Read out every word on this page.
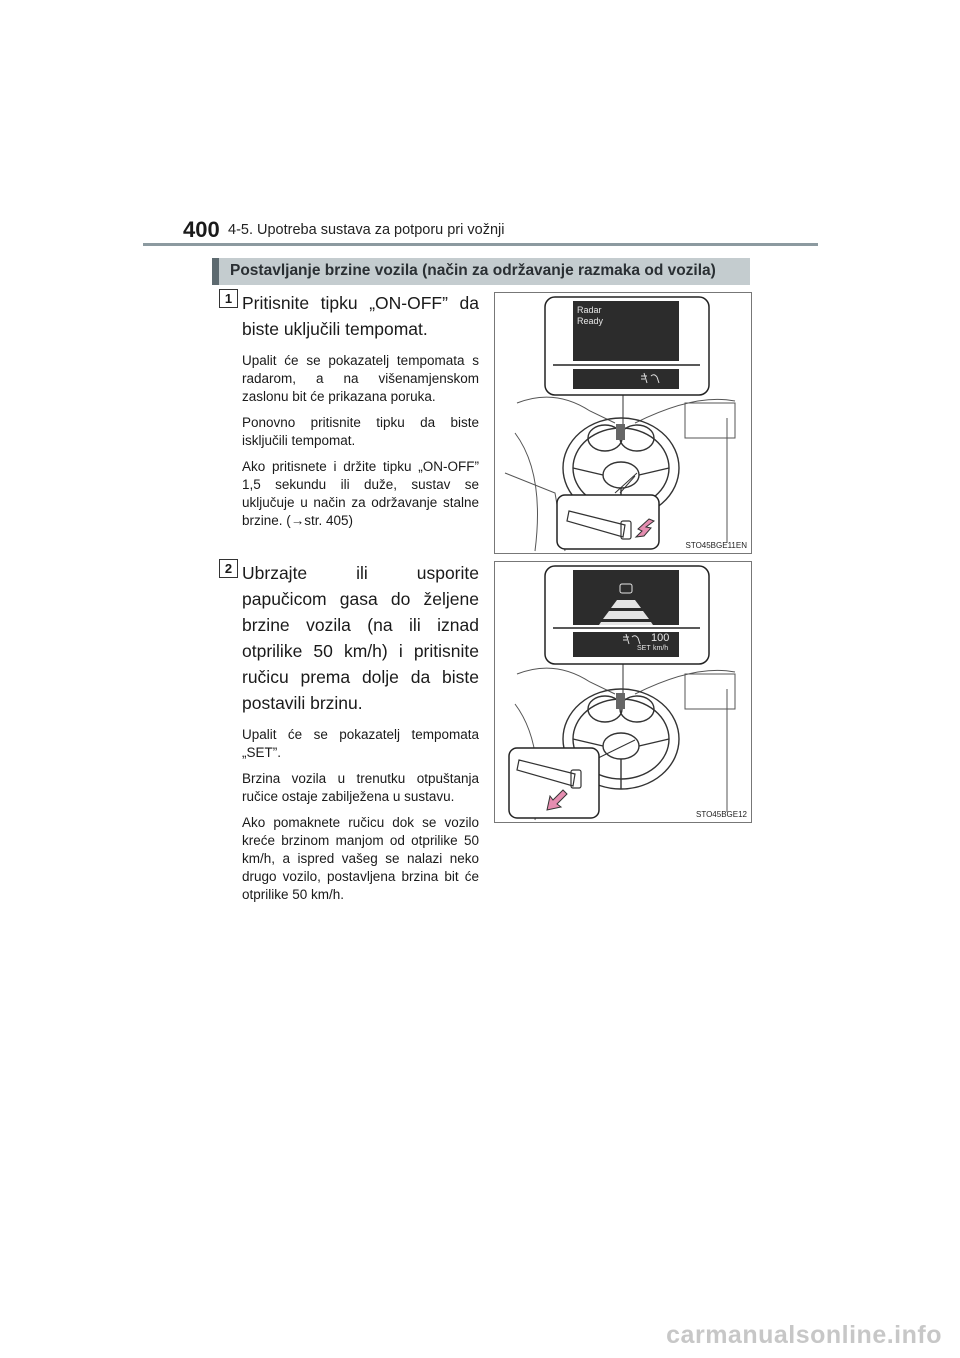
400 4-5. Upotreba sustava za potporu pri vožnji
Postavljanje brzine vozila (način za održavanje razmaka od vozila)
1 Pritisnite tipku „ON-OFF” da biste uključili tempomat.

Upalit će se pokazatelj tempomata s radarom, a na višenamjenskom zaslonu bit će prikazana poruka.

Ponovno pritisnite tipku da biste isključili tempomat.

Ako pritisnete i držite tipku „ON-OFF” 1,5 sekundu ili duže, sustav se uključuje u način za održavanje stalne brzine. (→str. 405)

Radar
Ready
STO45BGE11EN
2 Ubrzajte ili usporite papučicom gasa do željene brzine vozila (na ili iznad otprilike 50 km/h) i pritisnite ručicu prema dolje da biste postavili brzinu.

Upalit će se pokazatelj tempomata „SET”.

Brzina vozila u trenutku otpuštanja ručice ostaje zabilježena u sustavu.

Ako pomaknete ručicu dok se vozilo kreće brzinom manjom od otprilike 50 km/h, a ispred vašeg se nalazi neko drugo vozilo, postavljena brzina bit će otprilike 50 km/h.

100
SET km/h
STO45BGE12
carmanualsonline.info
